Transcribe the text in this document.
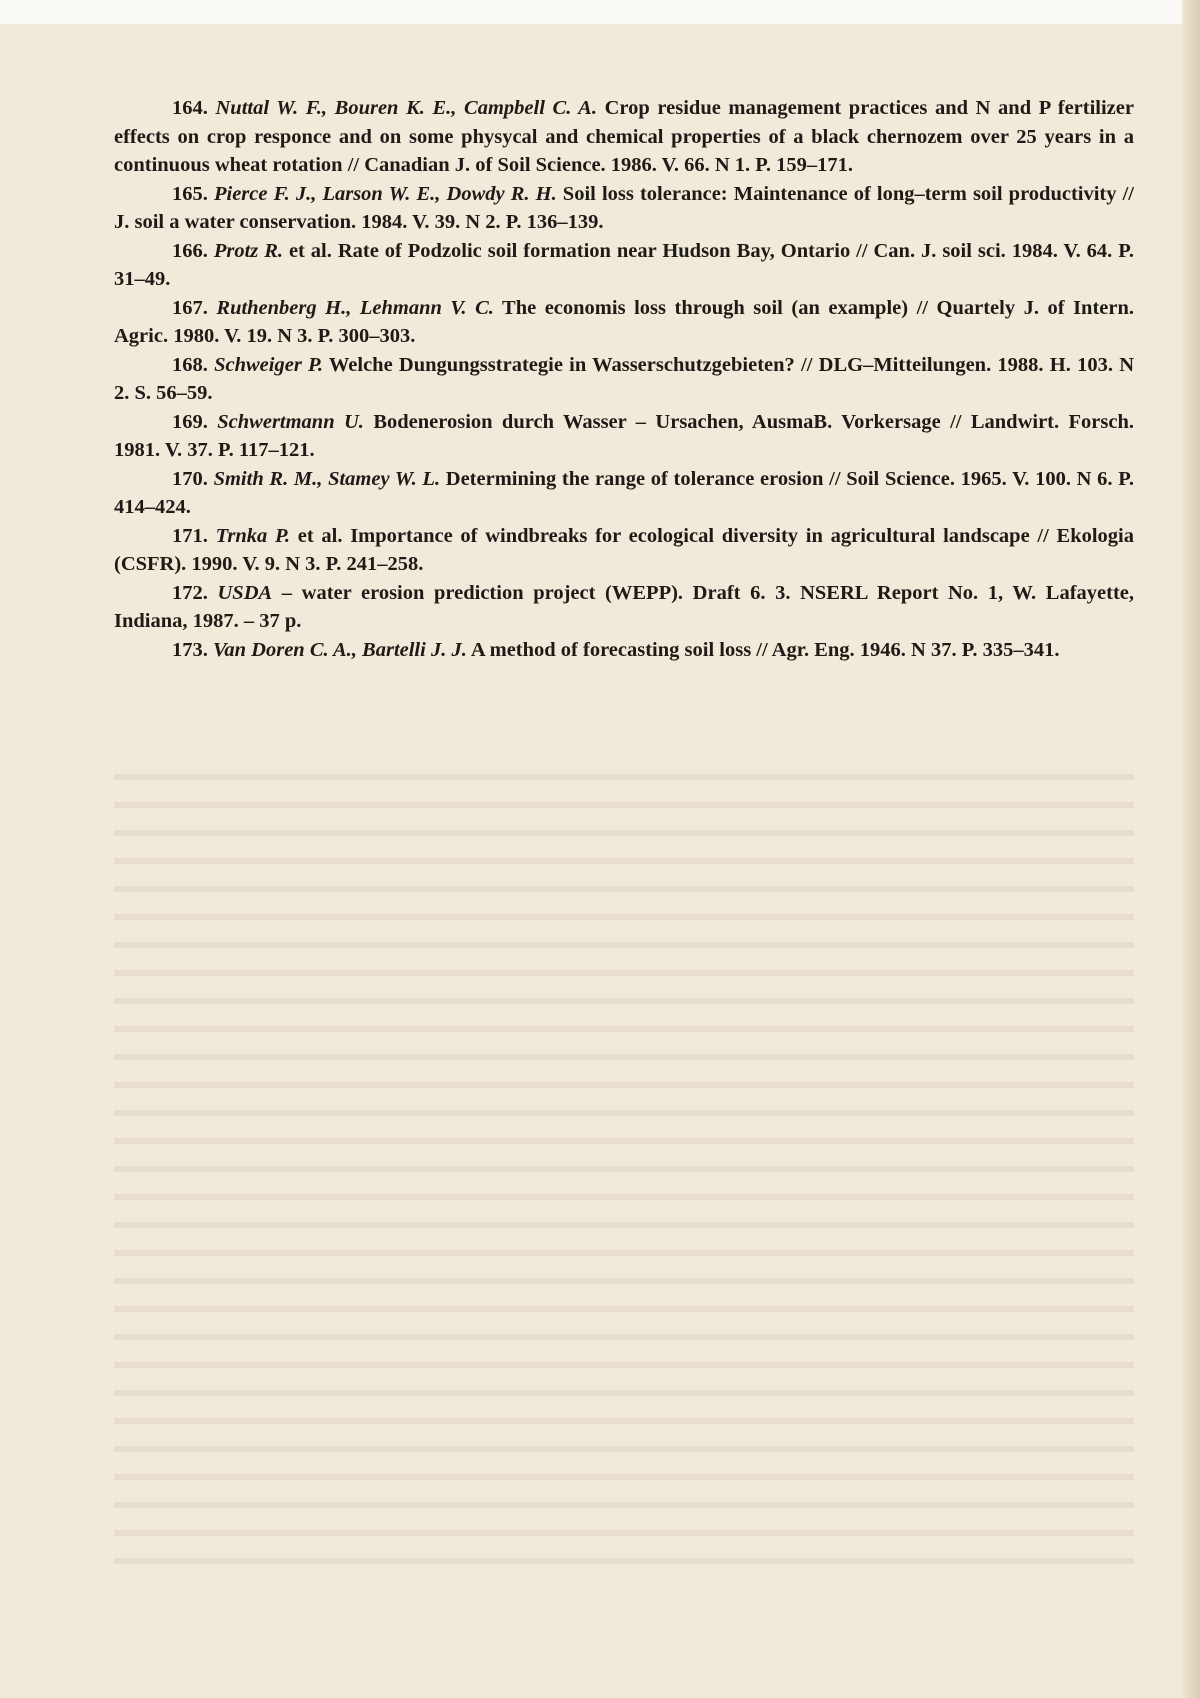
164. Nuttal W. F., Bouren K. E., Campbell C. A. Crop residue management practices and N and P fertilizer effects on crop responce and on some physycal and chemical properties of a black chernozem over 25 years in a continuous wheat rotation // Canadian J. of Soil Science. 1986. V. 66. N 1. P. 159–171.

165. Pierce F. J., Larson W. E., Dowdy R. H. Soil loss tolerance: Maintenance of long–term soil productivity // J. soil a water conservation. 1984. V. 39. N 2. P. 136–139.

166. Protz R. et al. Rate of Podzolic soil formation near Hudson Bay, Ontario // Can. J. soil sci. 1984. V. 64. P. 31–49.

167. Ruthenberg H., Lehmann V. C. The economis loss through soil (an example) // Quartely J. of Intern. Agric. 1980. V. 19. N 3. P. 300–303.

168. Schweiger P. Welche Dungungsstrategie in Wasserschutzgebieten? // DLG–Mitteilungen. 1988. H. 103. N 2. S. 56–59.

169. Schwertmann U. Bodenerosion durch Wasser – Ursachen, AusmaB. Vorkersage // Landwirt. Forsch. 1981. V. 37. P. 117–121.

170. Smith R. M., Stamey W. L. Determining the range of tolerance erosion // Soil Science. 1965. V. 100. N 6. P. 414–424.

171. Trnka P. et al. Importance of windbreaks for ecological diversity in agricultural landscape // Ekologia (CSFR). 1990. V. 9. N 3. P. 241–258.

172. USDA – water erosion prediction project (WEPP). Draft 6. 3. NSERL Report No. 1, W. Lafayette, Indiana, 1987. – 37 p.

173. Van Doren C. A., Bartelli J. J. A method of forecasting soil loss // Agr. Eng. 1946. N 37. P. 335–341.
